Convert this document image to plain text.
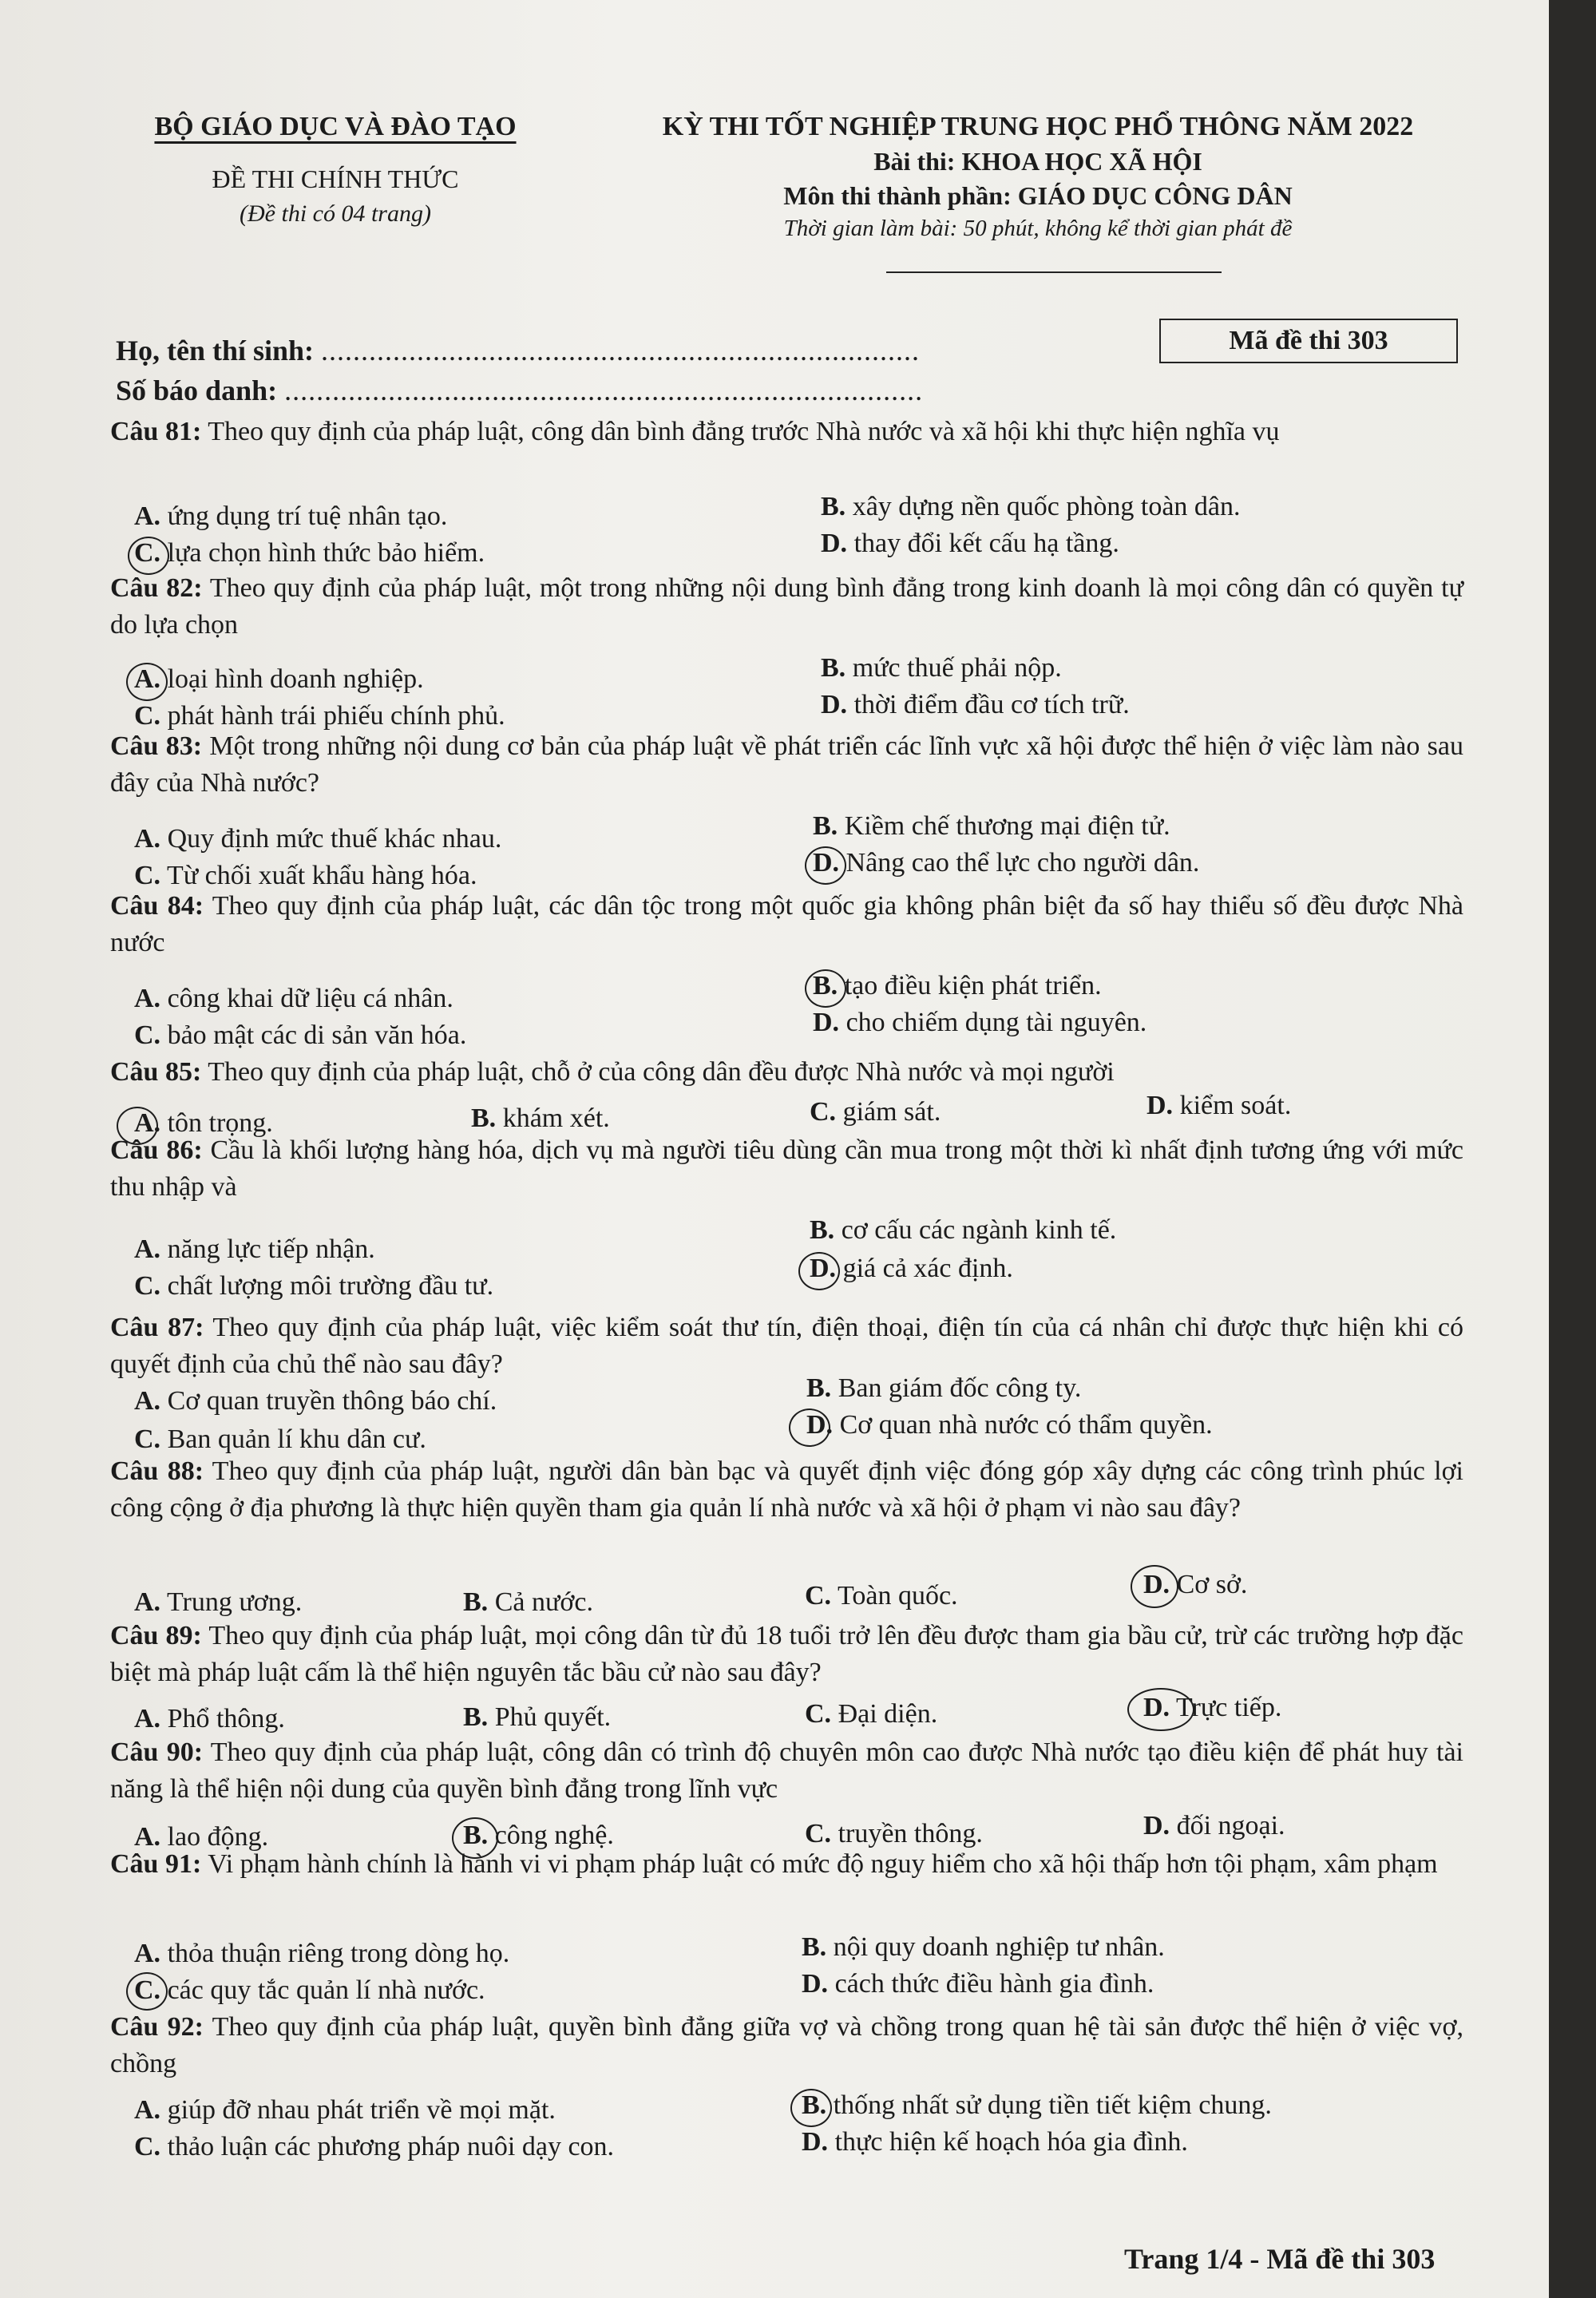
BỘ GIÁO DỤC VÀ ĐÀO TẠO
ĐỀ THI CHÍNH THỨC
(Đề thi có 04 trang)
KỲ THI TỐT NGHIỆP TRUNG HỌC PHỔ THÔNG NĂM 2022
Bài thi: KHOA HỌC XÃ HỘI
Môn thi thành phần: GIÁO DỤC CÔNG DÂN
Thời gian làm bài: 50 phút, không kể thời gian phát đề
Họ, tên thí sinh: ...........................................................................
Số báo danh: ................................................................................
Mã đề thi 303
Câu 81: Theo quy định của pháp luật, công dân bình đẳng trước Nhà nước và xã hội khi thực hiện nghĩa vụ
A. ứng dụng trí tuệ nhân tạo.	B. xây dựng nền quốc phòng toàn dân.
C. lựa chọn hình thức bảo hiểm.	D. thay đổi kết cấu hạ tầng.
Câu 82: Theo quy định của pháp luật, một trong những nội dung bình đẳng trong kinh doanh là mọi công dân có quyền tự do lựa chọn
A. loại hình doanh nghiệp.	B. mức thuế phải nộp.
C. phát hành trái phiếu chính phủ.	D. thời điểm đầu cơ tích trữ.
Câu 83: Một trong những nội dung cơ bản của pháp luật về phát triển các lĩnh vực xã hội được thể hiện ở việc làm nào sau đây của Nhà nước?
A. Quy định mức thuế khác nhau.	B. Kiềm chế thương mại điện tử.
C. Từ chối xuất khẩu hàng hóa.	D. Nâng cao thể lực cho người dân.
Câu 84: Theo quy định của pháp luật, các dân tộc trong một quốc gia không phân biệt đa số hay thiểu số đều được Nhà nước
A. công khai dữ liệu cá nhân.	B. tạo điều kiện phát triển.
C. bảo mật các di sản văn hóa.	D. cho chiếm dụng tài nguyên.
Câu 85: Theo quy định của pháp luật, chỗ ở của công dân đều được Nhà nước và mọi người
A. tôn trọng.	B. khám xét.	C. giám sát.	D. kiểm soát.
Câu 86: Cầu là khối lượng hàng hóa, dịch vụ mà người tiêu dùng cần mua trong một thời kì nhất định tương ứng với mức thu nhập và
A. năng lực tiếp nhận.
B. cơ cấu các ngành kinh tế.
C. chất lượng môi trường đầu tư.
D. giá cả xác định.
Câu 87: Theo quy định của pháp luật, việc kiểm soát thư tín, điện thoại, điện tín của cá nhân chỉ được thực hiện khi có quyết định của chủ thể nào sau đây?
A. Cơ quan truyền thông báo chí.	B. Ban giám đốc công ty.
C. Ban quản lí khu dân cư.	D. Cơ quan nhà nước có thẩm quyền.
Câu 88: Theo quy định của pháp luật, người dân bàn bạc và quyết định việc đóng góp xây dựng các công trình phúc lợi công cộng ở địa phương là thực hiện quyền tham gia quản lí nhà nước và xã hội ở phạm vi nào sau đây?
A. Trung ương.	B. Cả nước.	C. Toàn quốc.	D. Cơ sở.
Câu 89: Theo quy định của pháp luật, mọi công dân từ đủ 18 tuổi trở lên đều được tham gia bầu cử, trừ các trường hợp đặc biệt mà pháp luật cấm là thể hiện nguyên tắc bầu cử nào sau đây?
A. Phổ thông.	B. Phủ quyết.	C. Đại diện.	D. Trực tiếp.
Câu 90: Theo quy định của pháp luật, công dân có trình độ chuyên môn cao được Nhà nước tạo điều kiện để phát huy tài năng là thể hiện nội dung của quyền bình đẳng trong lĩnh vực
A. lao động.	B. công nghệ.	C. truyền thông.	D. đối ngoại.
Câu 91: Vi phạm hành chính là hành vi vi phạm pháp luật có mức độ nguy hiểm cho xã hội thấp hơn tội phạm, xâm phạm
A. thỏa thuận riêng trong dòng họ.	B. nội quy doanh nghiệp tư nhân.
C. các quy tắc quản lí nhà nước.	D. cách thức điều hành gia đình.
Câu 92: Theo quy định của pháp luật, quyền bình đẳng giữa vợ và chồng trong quan hệ tài sản được thể hiện ở việc vợ, chồng
A. giúp đỡ nhau phát triển về mọi mặt.	B. thống nhất sử dụng tiền tiết kiệm chung.
C. thảo luận các phương pháp nuôi dạy con.	D. thực hiện kế hoạch hóa gia đình.
Trang 1/4 - Mã đề thi 303
